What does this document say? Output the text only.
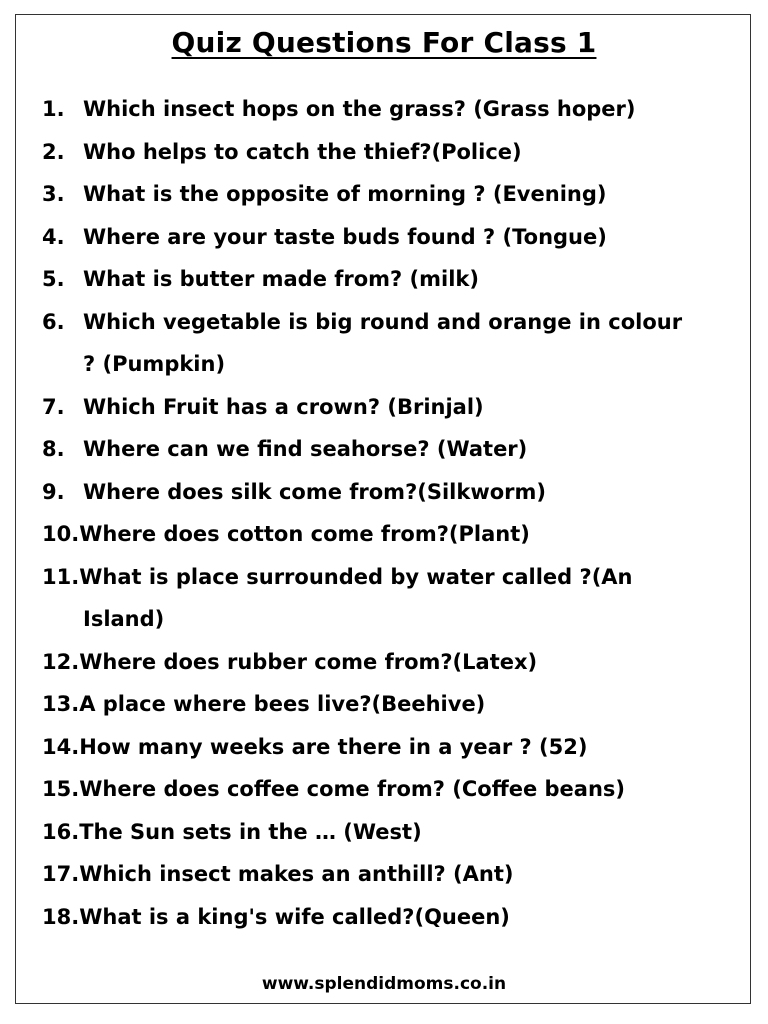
Quiz Questions For Class 1
1. Which insect hops on the grass? (Grass hoper)
2. Who helps to catch the thief?(Police)
3. What is the opposite of morning ? (Evening)
4. Where are your taste buds found ? (Tongue)
5. What is butter made from? (milk)
6. Which vegetable is big round and orange in colour
? (Pumpkin)
7. Which Fruit has a crown? (Brinjal)
8. Where can we find seahorse? (Water)
9. Where does silk come from?(Silkworm)
10. Where does cotton come from?(Plant)
11. What is place surrounded by water called ?(An
Island)
12. Where does rubber come from?(Latex)
13. A place where bees live?(Beehive)
14. How many weeks are there in a year ? (52)
15. Where does coffee come from? (Coffee beans)
16. The Sun sets in the … (West)
17. Which insect makes an anthill? (Ant)
18. What is a king's wife called?(Queen)
www.splendidmoms.co.in
